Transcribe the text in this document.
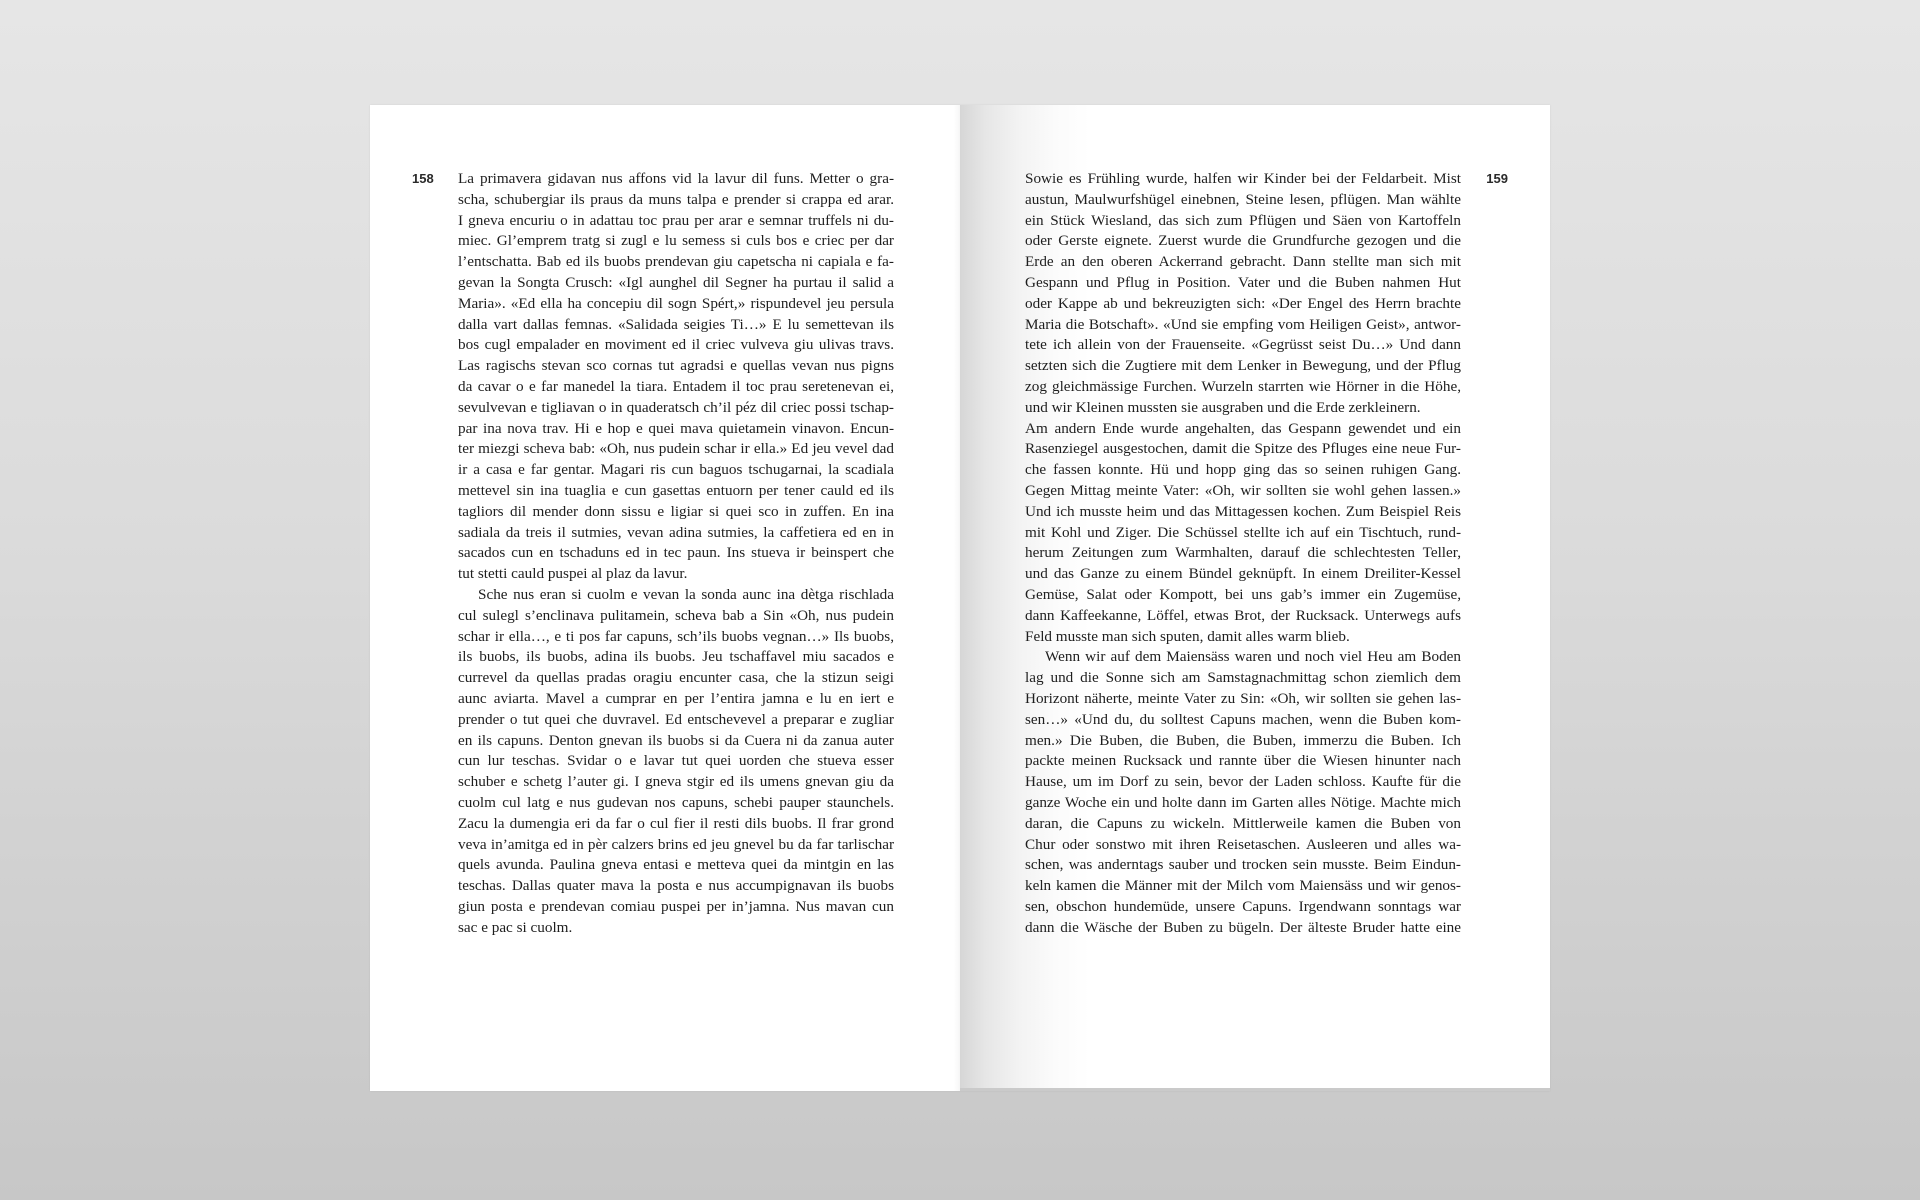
158 La primavera gidavan nus affons vid la lavur dil funs. Metter o gra-
scha, schubergiar ils praus da muns talpa e prender si crappa ed arar.
I gneva encuriu o in adattau toc prau per arar e semnar truffels ni du-
miec. Gl’emprem tratg si zugl e lu semess si culs bos e criec per dar
l’entschatta. Bab ed ils buobs prendevan giu capetscha ni capiala e fa-
gevan la Songta Crusch: «Igl aunghel dil Segner ha purtau il salid a
Maria». «Ed ella ha concepiu dil sogn Spért,» rispundevel jeu persula
dalla vart dallas femnas. «Salidada seigies Ti…» E lu semettevan ils
bos cugl empalader en moviment ed il criec vulveva giu ulivas travs.
Las ragischs stevan sco cornas tut agradsi e quellas vevan nus pigns
da cavar o e far manedel la tiara. Entadem il toc prau seretenevan ei,
sevulvevan e tigliavan o in quaderatsch ch’il péz dil criec possi tschap-
par ina nova trav. Hi e hop e quei mava quietamein vinavon. Encun-
ter miezgi scheva bab: «Oh, nus pudein schar ir ella.» Ed jeu vevel dad
ir a casa e far gentar. Magari ris cun baguos tschugarnai, la scadiala
mettevel sin ina tuaglia e cun gasettas entuorn per tener cauld ed ils
tagliors dil mender donn sissu e ligiar si quei sco in zuffen. En ina
sadiala da treis il sutmies, vevan adina sutmies, la caffetiera ed en in
sacados cun en tschaduns ed in tec paun. Ins stueva ir beinspert che
tut stetti cauld puspei al plaz da lavur.
Sche nus eran si cuolm e vevan la sonda aunc ina dètga rischlada
cul sulegl s’enclinava pulitamein, scheva bab a Sin «Oh, nus pudein
schar ir ella…, e ti pos far capuns, sch’ils buobs vegnan…» Ils buobs,
ils buobs, ils buobs, adina ils buobs. Jeu tschaffavel miu sacados e
currevel da quellas pradas oragiu encunter casa, che la stizun seigi
aunc aviarta. Mavel a cumprar en per l’entira jamna e lu en iert e
prender o tut quei che duvravel. Ed entschevevel a preparar e zugliar
en ils capuns. Denton gnevan ils buobs si da Cuera ni da zanua auter
cun lur teschas. Svidar o e lavar tut quei uorden che stueva esser
schuber e schetg l’auter gi. I gneva stgir ed ils umens gnevan giu da
cuolm cul latg e nus gudevan nos capuns, schebi pauper staunchels.
Zacu la dumengia eri da far o cul fier il resti dils buobs. Il frar grond
veva in’amitga ed in pèr calzers brins ed jeu gnevel bu da far tarlischar
quels avunda. Paulina gneva entasi e metteva quei da mintgin en las
teschas. Dallas quater mava la posta e nus accumpignavan ils buobs
giun posta e prendevan comiau puspei per in’jamna. Nus mavan cun
sac e pac si cuolm.
159
Sowie es Frühling wurde, halfen wir Kinder bei der Feldarbeit. Mist
austun, Maulwurfshügel einebnen, Steine lesen, pflügen. Man wählte
ein Stück Wiesland, das sich zum Pflügen und Säen von Kartoffeln
oder Gerste eignete. Zuerst wurde die Grundfurche gezogen und die
Erde an den oberen Ackerrand gebracht. Dann stellte man sich mit
Gespann und Pflug in Position. Vater und die Buben nahmen Hut
oder Kappe ab und bekreuzigten sich: «Der Engel des Herrn brachte
Maria die Botschaft». «Und sie empfing vom Heiligen Geist», antwor-
tete ich allein von der Frauenseite. «Gegrüsst seist Du…» Und dann
setzten sich die Zugtiere mit dem Lenker in Bewegung, und der Pflug
zog gleichmässige Furchen. Wurzeln starrten wie Hörner in die Höhe,
und wir Kleinen mussten sie ausgraben und die Erde zerkleinern.
Am andern Ende wurde angehalten, das Gespann gewendet und ein
Rasenziegel ausgestochen, damit die Spitze des Pfluges eine neue Fur-
che fassen konnte. Hü und hopp ging das so seinen ruhigen Gang.
Gegen Mittag meinte Vater: «Oh, wir sollten sie wohl gehen lassen.»
Und ich musste heim und das Mittagessen kochen. Zum Beispiel Reis
mit Kohl und Ziger. Die Schüssel stellte ich auf ein Tischtuch, rund-
herum Zeitungen zum Warmhalten, darauf die schlechtesten Teller,
und das Ganze zu einem Bündel geknüpft. In einem Dreiliter-Kessel
Gemüse, Salat oder Kompott, bei uns gab’s immer ein Zugemüse,
dann Kaffeekanne, Löffel, etwas Brot, der Rucksack. Unterwegs aufs
Feld musste man sich sputen, damit alles warm blieb.
Wenn wir auf dem Maiensäss waren und noch viel Heu am Boden
lag und die Sonne sich am Samstagnachmittag schon ziemlich dem
Horizont näherte, meinte Vater zu Sin: «Oh, wir sollten sie gehen las-
sen…» «Und du, du solltest Capuns machen, wenn die Buben kom-
men.» Die Buben, die Buben, die Buben, immerzu die Buben. Ich
packte meinen Rucksack und rannte über die Wiesen hinunter nach
Hause, um im Dorf zu sein, bevor der Laden schloss. Kaufte für die
ganze Woche ein und holte dann im Garten alles Nötige. Machte mich
daran, die Capuns zu wickeln. Mittlerweile kamen die Buben von
Chur oder sonstwo mit ihren Reisetaschen. Ausleeren und alles wa-
schen, was anderntags sauber und trocken sein musste. Beim Eindun-
keln kamen die Männer mit der Milch vom Maiensäss und wir genos-
sen, obschon hundemüde, unsere Capuns. Irgendwann sonntags war
dann die Wäsche der Buben zu bügeln. Der älteste Bruder hatte eine
